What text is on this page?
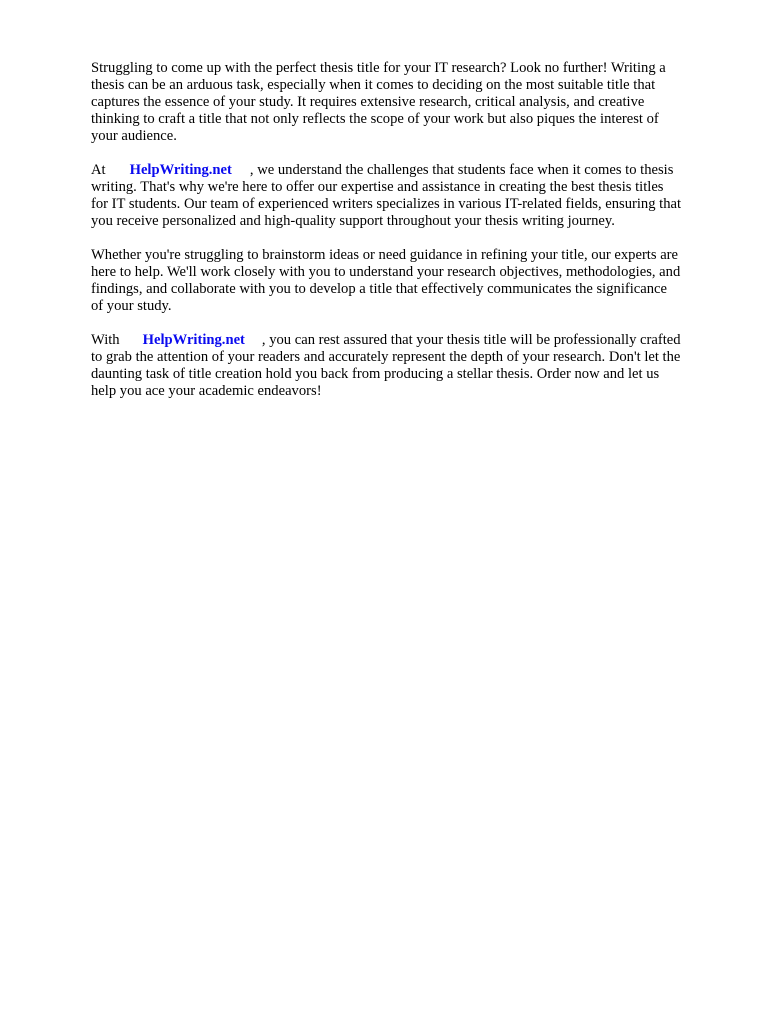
Struggling to come up with the perfect thesis title for your IT research? Look no further! Writing a
thesis can be an arduous task, especially when it comes to deciding on the most suitable title that
captures the essence of your study. It requires extensive research, critical analysis, and creative
thinking to craft a title that not only reflects the scope of your work but also piques the interest of
your audience.

At HelpWriting.net , we understand the challenges that students face when it comes to thesis
writing. That's why we're here to offer our expertise and assistance in creating the best thesis titles
for IT students. Our team of experienced writers specializes in various IT-related fields, ensuring that
you receive personalized and high-quality support throughout your thesis writing journey.

Whether you're struggling to brainstorm ideas or need guidance in refining your title, our experts are
here to help. We'll work closely with you to understand your research objectives, methodologies, and
findings, and collaborate with you to develop a title that effectively communicates the significance
of your study.

With HelpWriting.net , you can rest assured that your thesis title will be professionally crafted
to grab the attention of your readers and accurately represent the depth of your research. Don't let the
daunting task of title creation hold you back from producing a stellar thesis. Order now and let us
help you ace your academic endeavors!
